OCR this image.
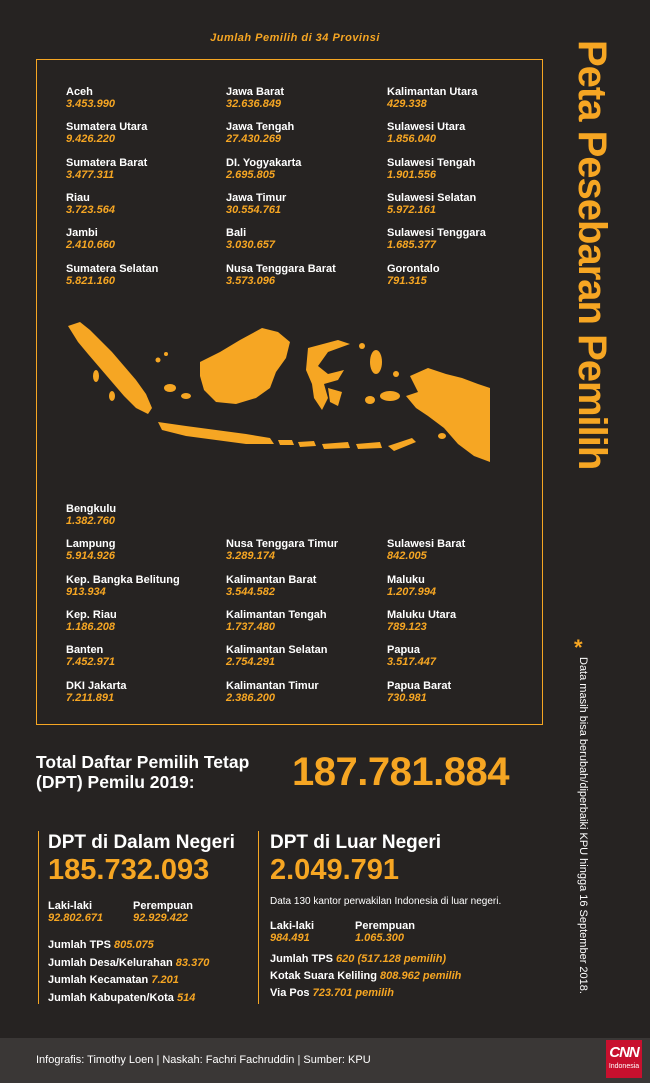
Jumlah Pemilih di 34 Provinsi
Aceh
3.453.990
Sumatera Utara
9.426.220
Sumatera Barat
3.477.311
Riau
3.723.564
Jambi
2.410.660
Sumatera Selatan
5.821.160
Jawa Barat
32.636.849
Jawa Tengah
27.430.269
DI. Yogyakarta
2.695.805
Jawa Timur
30.554.761
Bali
3.030.657
Nusa Tenggara Barat
3.573.096
Kalimantan Utara
429.338
Sulawesi Utara
1.856.040
Sulawesi Tengah
1.901.556
Sulawesi Selatan
5.972.161
Sulawesi Tenggara
1.685.377
Gorontalo
791.315
Bengkulu
1.382.760
Lampung
5.914.926
Kep. Bangka Belitung
913.934
Kep. Riau
1.186.208
Banten
7.452.971
DKI Jakarta
7.211.891
Nusa Tenggara Timur
3.289.174
Kalimantan Barat
3.544.582
Kalimantan Tengah
1.737.480
Kalimantan Selatan
2.754.291
Kalimantan Timur
2.386.200
Sulawesi Barat
842.005
Maluku
1.207.994
Maluku Utara
789.123
Papua
3.517.447
Papua Barat
730.981
Peta Pesebaran Pemilih
*
Data masih bisa berubah/diperbaiki KPU hingga 16 September 2018.
Total Daftar Pemilih Tetap
(DPT) Pemilu 2019:	187.781.884
DPT di Dalam Negeri
185.732.093
Laki-laki
92.802.671
Perempuan
92.929.422
Jumlah TPS 805.075
Jumlah Desa/Kelurahan 83.370
Jumlah Kecamatan 7.201
Jumlah Kabupaten/Kota 514
DPT di Luar Negeri
2.049.791
Data 130 kantor perwakilan Indonesia di luar negeri.
Laki-laki
984.491
Perempuan
1.065.300
Jumlah TPS 620 (517.128 pemilih)
Kotak Suara Keliling 808.962 pemilih
Via Pos 723.701 pemilih
Infografis: Timothy Loen | Naskah: Fachri Fachruddin | Sumber: KPU	CNN
Indonesia
